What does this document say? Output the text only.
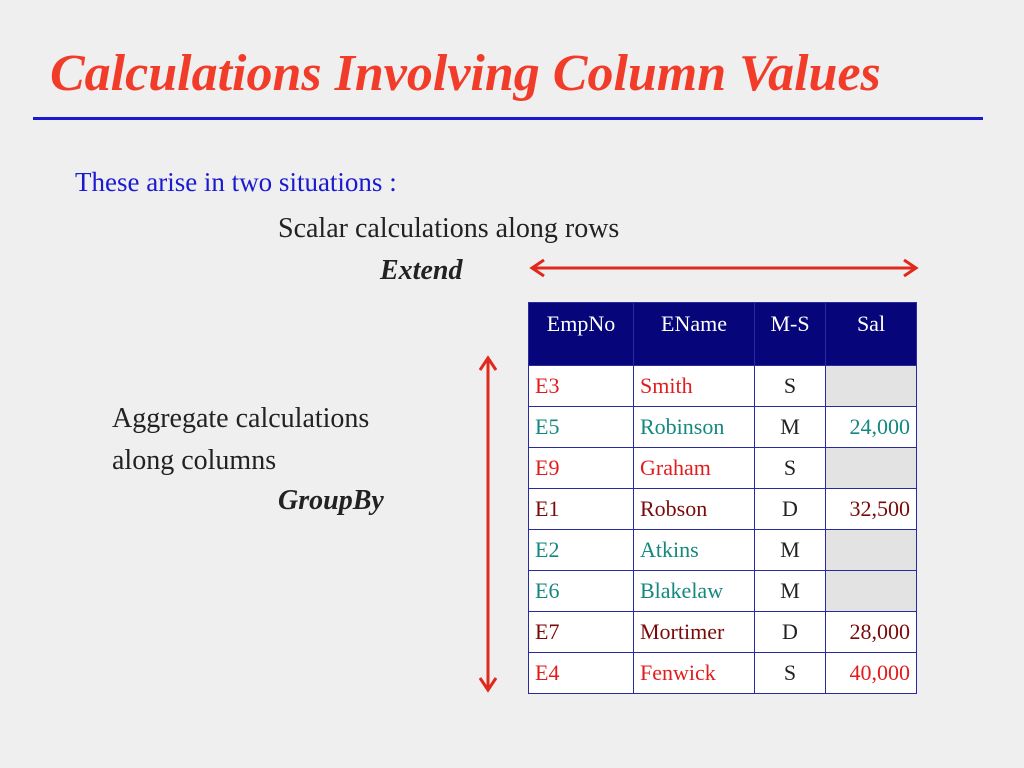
Calculations Involving Column Values
These arise in two situations :
Scalar calculations along rows
Extend
Aggregate calculations
along columns
GroupBy
EmpNo	EName	M-S	Sal
E3	Smith	S	
E5	Robinson	M	24,000
E9	Graham	S	
E1	Robson	D	32,500
E2	Atkins	M	
E6	Blakelaw	M	
E7	Mortimer	D	28,000
E4	Fenwick	S	40,000
